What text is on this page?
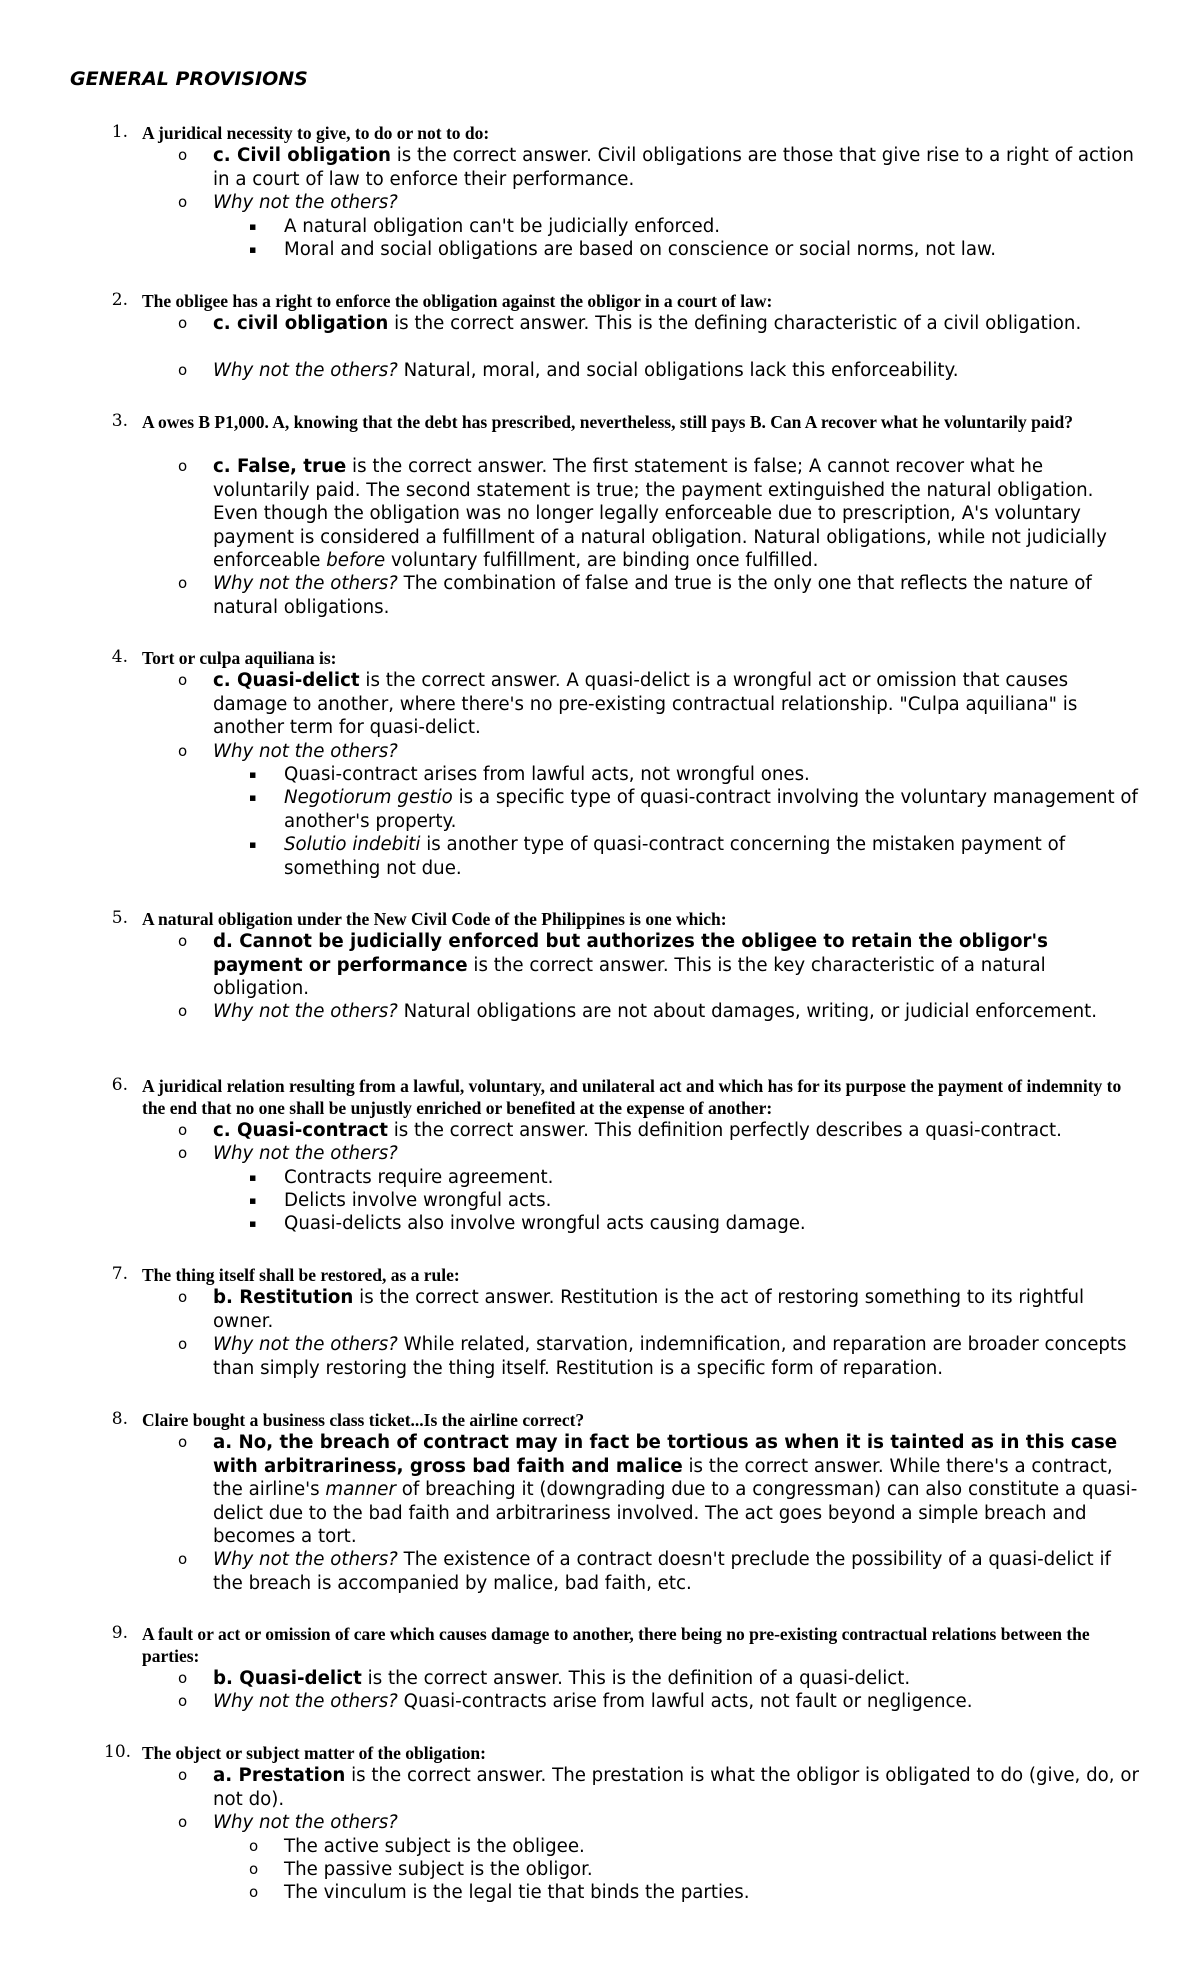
GENERAL PROVISIONS
1. A juridical necessity to give, to do or not to do:
o c. Civil obligation is the correct answer. Civil obligations are those that give rise to a right of action in a court of law to enforce their performance.
o Why not the others?
▪ A natural obligation can't be judicially enforced.
▪ Moral and social obligations are based on conscience or social norms, not law.
2. The obligee has a right to enforce the obligation against the obligor in a court of law:
o c. civil obligation is the correct answer. This is the defining characteristic of a civil obligation.
o Why not the others? Natural, moral, and social obligations lack this enforceability.
3. A owes B P1,000. A, knowing that the debt has prescribed, nevertheless, still pays B. Can A recover what he voluntarily paid?
o c. False, true is the correct answer. The first statement is false; A cannot recover what he voluntarily paid. The second statement is true; the payment extinguished the natural obligation. Even though the obligation was no longer legally enforceable due to prescription, A's voluntary payment is considered a fulfillment of a natural obligation. Natural obligations, while not judicially enforceable before voluntary fulfillment, are binding once fulfilled.
o Why not the others? The combination of false and true is the only one that reflects the nature of natural obligations.
4. Tort or culpa aquiliana is:
o c. Quasi-delict is the correct answer. A quasi-delict is a wrongful act or omission that causes damage to another, where there's no pre-existing contractual relationship. "Culpa aquiliana" is another term for quasi-delict.
o Why not the others?
▪ Quasi-contract arises from lawful acts, not wrongful ones.
▪ Negotiorum gestio is a specific type of quasi-contract involving the voluntary management of another's property.
▪ Solutio indebiti is another type of quasi-contract concerning the mistaken payment of something not due.
5. A natural obligation under the New Civil Code of the Philippines is one which:
o d. Cannot be judicially enforced but authorizes the obligee to retain the obligor's payment or performance is the correct answer. This is the key characteristic of a natural obligation.
o Why not the others? Natural obligations are not about damages, writing, or judicial enforcement.
6. A juridical relation resulting from a lawful, voluntary, and unilateral act and which has for its purpose the payment of indemnity to the end that no one shall be unjustly enriched or benefited at the expense of another:
o c. Quasi-contract is the correct answer. This definition perfectly describes a quasi-contract.
o Why not the others?
▪ Contracts require agreement.
▪ Delicts involve wrongful acts.
▪ Quasi-delicts also involve wrongful acts causing damage.
7. The thing itself shall be restored, as a rule:
o b. Restitution is the correct answer. Restitution is the act of restoring something to its rightful owner.
o Why not the others? While related, starvation, indemnification, and reparation are broader concepts than simply restoring the thing itself. Restitution is a specific form of reparation.
8. Claire bought a business class ticket...Is the airline correct?
o a. No, the breach of contract may in fact be tortious as when it is tainted as in this case with arbitrariness, gross bad faith and malice is the correct answer. While there's a contract, the airline's manner of breaching it (downgrading due to a congressman) can also constitute a quasi-delict due to the bad faith and arbitrariness involved. The act goes beyond a simple breach and becomes a tort.
o Why not the others? The existence of a contract doesn't preclude the possibility of a quasi-delict if the breach is accompanied by malice, bad faith, etc.
9. A fault or act or omission of care which causes damage to another, there being no pre-existing contractual relations between the parties:
o b. Quasi-delict is the correct answer. This is the definition of a quasi-delict.
o Why not the others? Quasi-contracts arise from lawful acts, not fault or negligence.
10. The object or subject matter of the obligation:
o a. Prestation is the correct answer. The prestation is what the obligor is obligated to do (give, do, or not do).
o Why not the others?
o The active subject is the obligee.
o The passive subject is the obligor.
o The vinculum is the legal tie that binds the parties.
